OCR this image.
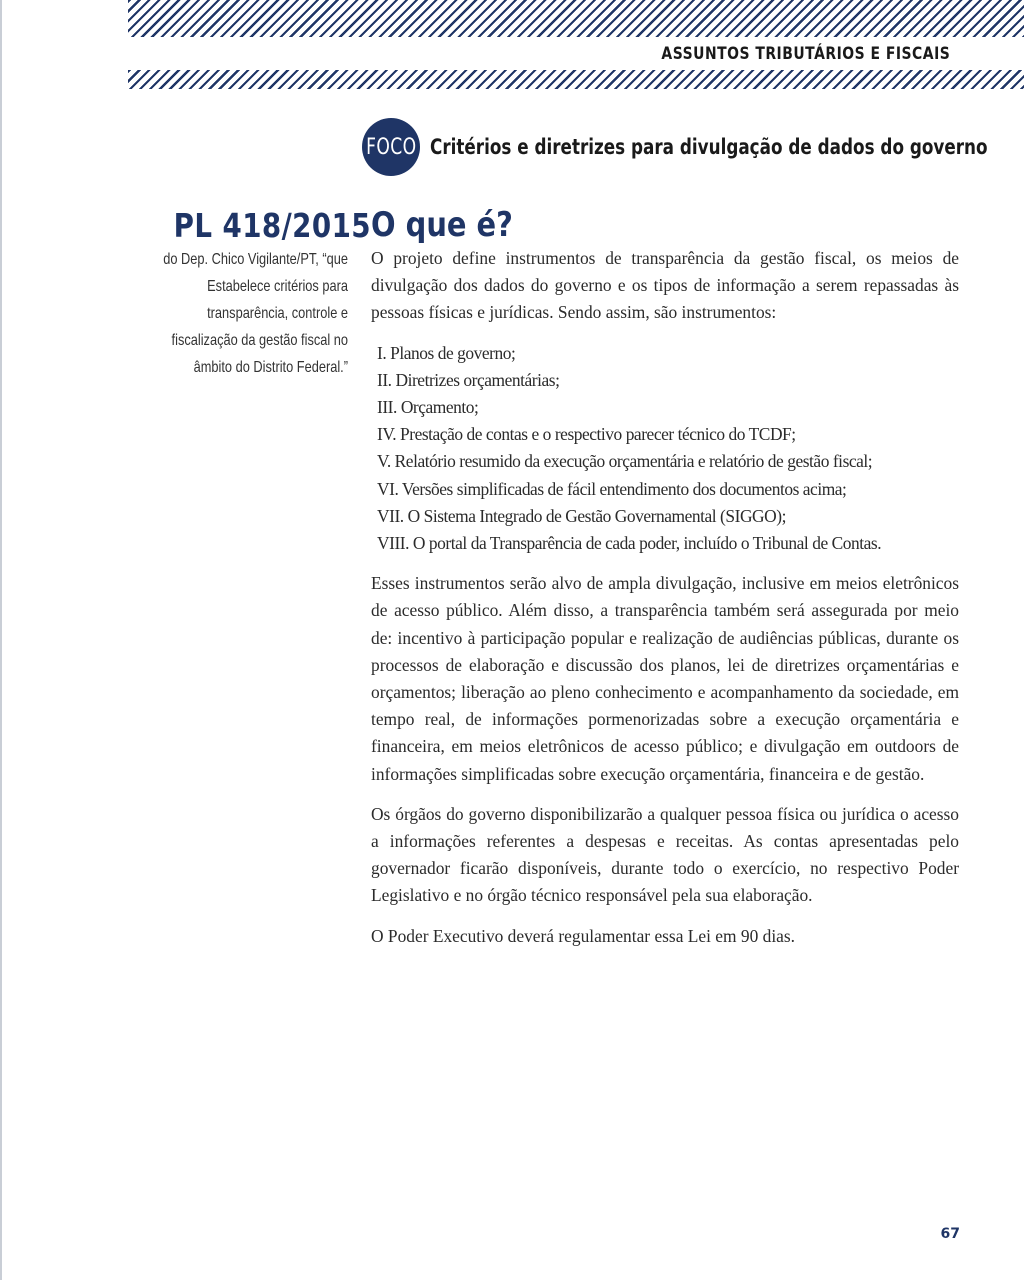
ASSUNTOS TRIBUTÁRIOS E FISCAIS
FOCO Critérios e diretrizes para divulgação de dados do governo
PL 418/2015
do Dep. Chico Vigilante/PT, “que Estabelece critérios para transparência, controle e fiscalização da gestão fiscal no âmbito do Distrito Federal.”
O que é?

O projeto define instrumentos de transparência da gestão fiscal, os meios de divulgação dos dados do governo e os tipos de informação a serem repassadas às pessoas físicas e jurídicas. Sendo assim, são instrumentos:

I. Planos de governo;
II. Diretrizes orçamentárias;
III. Orçamento;
IV. Prestação de contas e o respectivo parecer técnico do TCDF;
V. Relatório resumido da execução orçamentária e relatório de gestão fiscal;
VI. Versões simplificadas de fácil entendimento dos documentos acima;
VII. O Sistema Integrado de Gestão Governamental (SIGGO);
VIII. O portal da Transparência de cada poder, incluído o Tribunal de Contas.

Esses instrumentos serão alvo de ampla divulgação, inclusive em meios eletrônicos de acesso público. Além disso, a transparência também será assegurada por meio de: incentivo à participação popular e realização de audiências públicas, durante os processos de elaboração e discussão dos planos, lei de diretrizes orçamentárias e orçamentos; liberação ao pleno conhecimento e acompanhamento da sociedade, em tempo real, de informações pormenorizadas sobre a execução orçamentária e financeira, em meios eletrônicos de acesso público; e divulgação em outdoors de informações simplificadas sobre execução orçamentária, financeira e de gestão.

Os órgãos do governo disponibilizarão a qualquer pessoa física ou jurídica o acesso a informações referentes a despesas e receitas. As contas apresentadas pelo governador ficarão disponíveis, durante todo o exercício, no respectivo Poder Legislativo e no órgão técnico responsável pela sua elaboração.

O Poder Executivo deverá regulamentar essa Lei em 90 dias.

67
